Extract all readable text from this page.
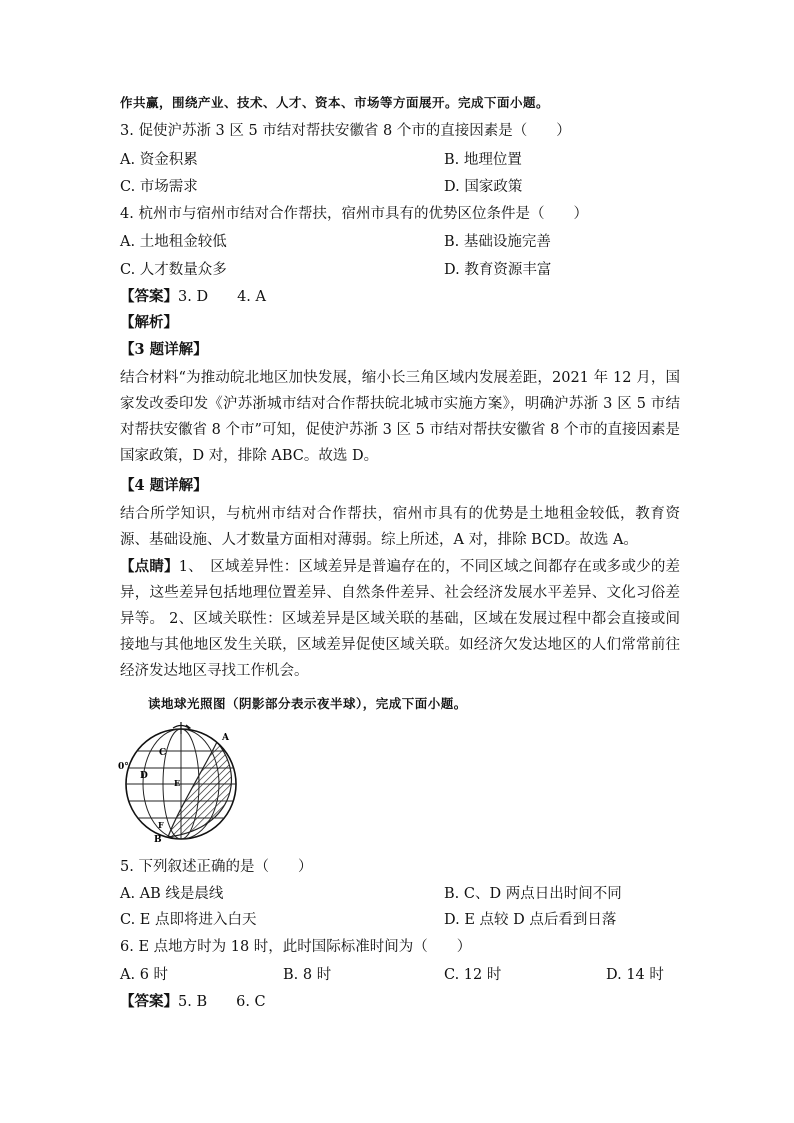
作共赢，围绕产业、技术、人才、资本、市场等方面展开。完成下面小题。
3. 促使沪苏浙 3 区 5 市结对帮扶安徽省 8 个市的直接因素是（　　）
A. 资金积累	B. 地理位置
C. 市场需求	D. 国家政策
4. 杭州市与宿州市结对合作帮扶，宿州市具有的优势区位条件是（　　）
A. 土地租金较低	B. 基础设施完善
C. 人才数量众多	D. 教育资源丰富
【答案】3. D　　4. A
【解析】
【3 题详解】
结合材料“为推动皖北地区加快发展，缩小长三角区域内发展差距，2021 年 12 月，国家发改委印发《沪苏浙城市结对合作帮扶皖北城市实施方案》，明确沪苏浙 3 区 5 市结对帮扶安徽省 8 个市”可知，促使沪苏浙 3 区 5 市结对帮扶安徽省 8 个市的直接因素是国家政策，D 对，排除 ABC。故选 D。
【4 题详解】
结合所学知识，与杭州市结对合作帮扶，宿州市具有的优势是土地租金较低，教育资源、基础设施、人才数量方面相对薄弱。综上所述，A 对，排除 BCD。故选 A。
【点睛】1、　区域差异性：区域差异是普遍存在的，不同区域之间都存在或多或少的差异，这些差异包括地理位置差异、自然条件差异、社会经济发展水平差异、文化习俗差异等。 2、区域关联性：区域差异是区域关联的基础，区域在发展过程中都会直接或间接地与其他地区发生关联，区域差异促使区域关联。如经济欠发达地区的人们常常前往经济发达地区寻找工作机会。
读地球光照图（阴影部分表示夜半球），完成下面小题。
A
B
C
D
E
F
0°
5. 下列叙述正确的是（　　）
A. AB 线是晨线	B. C、D 两点日出时间不同
C. E 点即将进入白天	D. E 点较 D 点后看到日落
6. E 点地方时为 18 时，此时国际标准时间为（　　）
A. 6 时	B. 8 时	C. 12 时	D. 14 时
【答案】5. B　　6. C
